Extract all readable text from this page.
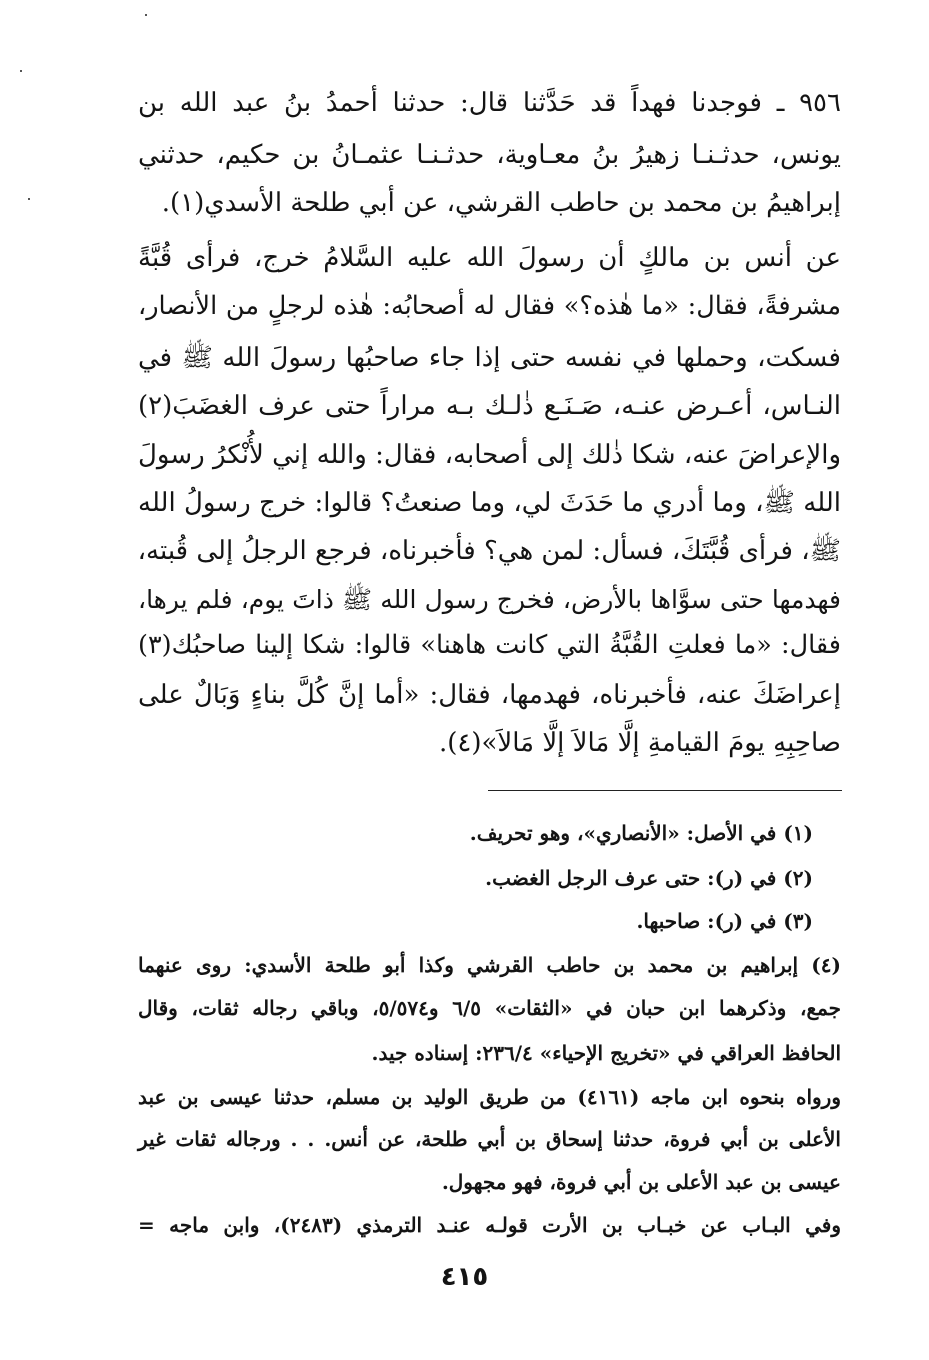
٩٥٦ ـ فوجدنا فهداً قد حَدَّثنا قال: حدثنا أحمدُ بنُ عبد الله بن
يونس، حدثـنـا زهيرُ بنُ معـاوية، حدثـنـا عثمـانُ بن حكيم، حدثني
إبراهيمُ بن محمد بن حاطب القرشي، عن أبي طلحة الأسدي(١).
عن أنس بن مالكٍ أن رسولَ الله عليه السَّلامُ خرج، فرأى قُبَّةً
مشرفةً، فقال: «ما هٰذه؟» فقال له أصحابُه: هٰذه لرجلٍ من الأنصار،
فسكت، وحملها في نفسه حتى إذا جاء صاحبُها رسولَ الله ﷺ في
النـاس، أعـرض عنـه، صَـنَـع ذٰلـك بـه مراراً حتى عرف الغضَبَ(٢)
والإعراضَ عنه، شكا ذٰلك إلى أصحابه، فقال: والله إني لأُنْكرُ رسولَ
الله ﷺ، وما أدري ما حَدَثَ لي، وما صنعتُ؟ قالوا: خرج رسولُ الله
ﷺ، فرأى قُبَّتَكَ، فسأل: لمن هي؟ فأخبرناه، فرجع الرجلُ إلى قُبته،
فهدمها حتى سوَّاها بالأرض، فخرج رسول الله ﷺ ذاتَ يوم، فلم يرها،
فقال: «ما فعلتِ القُبَّةُ التي كانت هاهنا» قالوا: شكا إلينا صاحبُك(٣)
إعراضَكَ عنه، فأخبرناه، فهدمها، فقال: «أما إنَّ كُلَّ بناءٍ وَبَالٌ على
صاحِبِهِ يومَ القيامةِ إلَّا مَالاَ إلَّا مَالاَ»(٤).
(١) في الأصل: «الأنصاري»، وهو تحريف.
(٢) في (ر): حتى عرف الرجل الغضب.
(٣) في (ر): صاحبها.
(٤) إبراهيم بن محمد بن حاطب القرشي وكذا أبو طلحة الأسدي: روى عنهما
جمع، وذكرهما ابن حبان في «الثقات» ٦/٥ و٥/٥٧٤، وباقي رجاله ثقات، وقال
الحافظ العراقي في «تخريج الإحياء» ٢٣٦/٤: إسناده جيد.
ورواه بنحوه ابن ماجه (٤١٦١) من طريق الوليد بن مسلم، حدثنا عيسى بن عبد
الأعلى بن أبي فروة، حدثنا إسحاق بن أبي طلحة، عن أنس. . . ورجاله ثقات غير
عيسى بن عبد الأعلى بن أبي فروة، فهو مجهول.
وفي البـاب عن خبـاب بن الأرت قولـه عنـد الترمذي (٢٤٨٣)، وابن ماجه =
٤١٥
